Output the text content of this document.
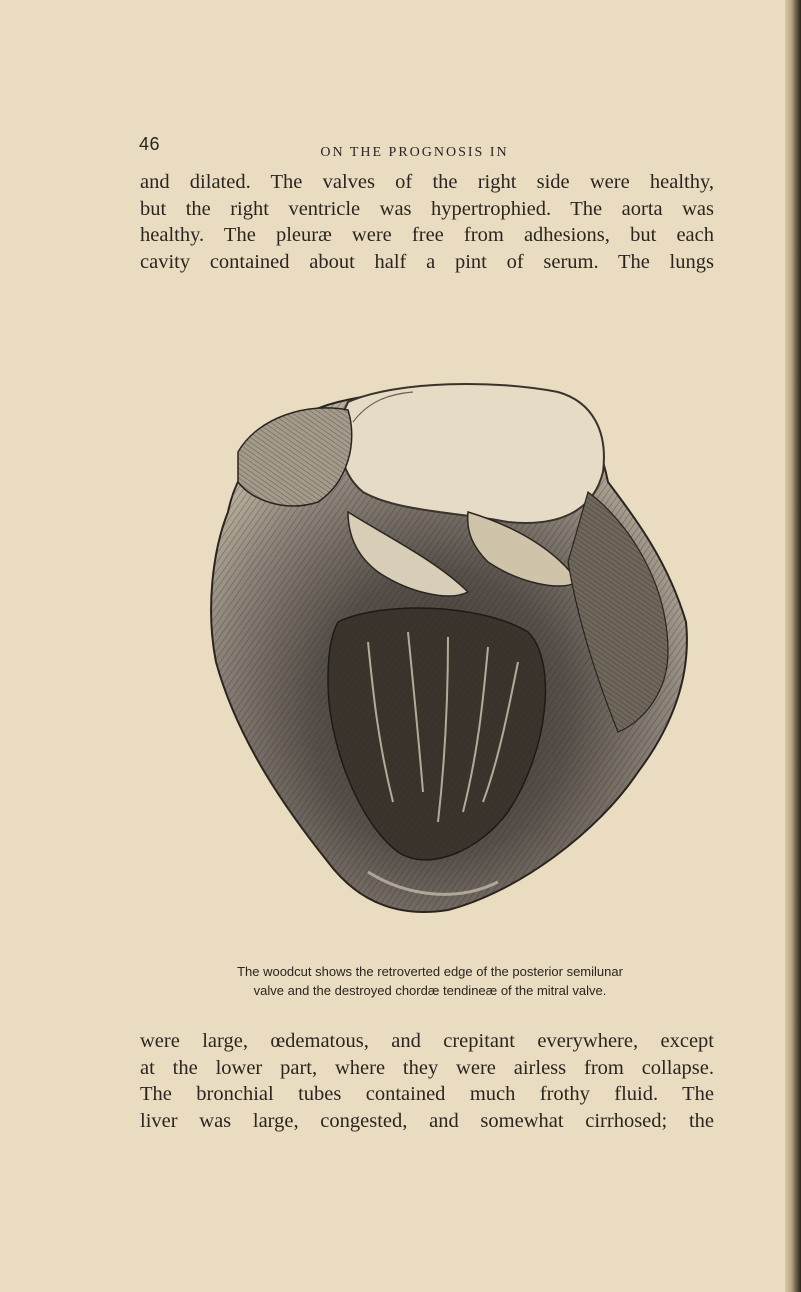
46	ON THE PROGNOSIS IN

and dilated. The valves of the right side were healthy,
but the right ventricle was hypertrophied. The aorta was
healthy. The pleuræ were free from adhesions, but each
cavity contained about half a pint of serum. The lungs

The woodcut shows the retroverted edge of the posterior semilunar
valve and the destroyed chordæ tendineæ of the mitral valve.

were large, œdematous, and crepitant everywhere, except
at the lower part, where they were airless from collapse.
The bronchial tubes contained much frothy fluid. The
liver was large, congested, and somewhat cirrhosed; the
